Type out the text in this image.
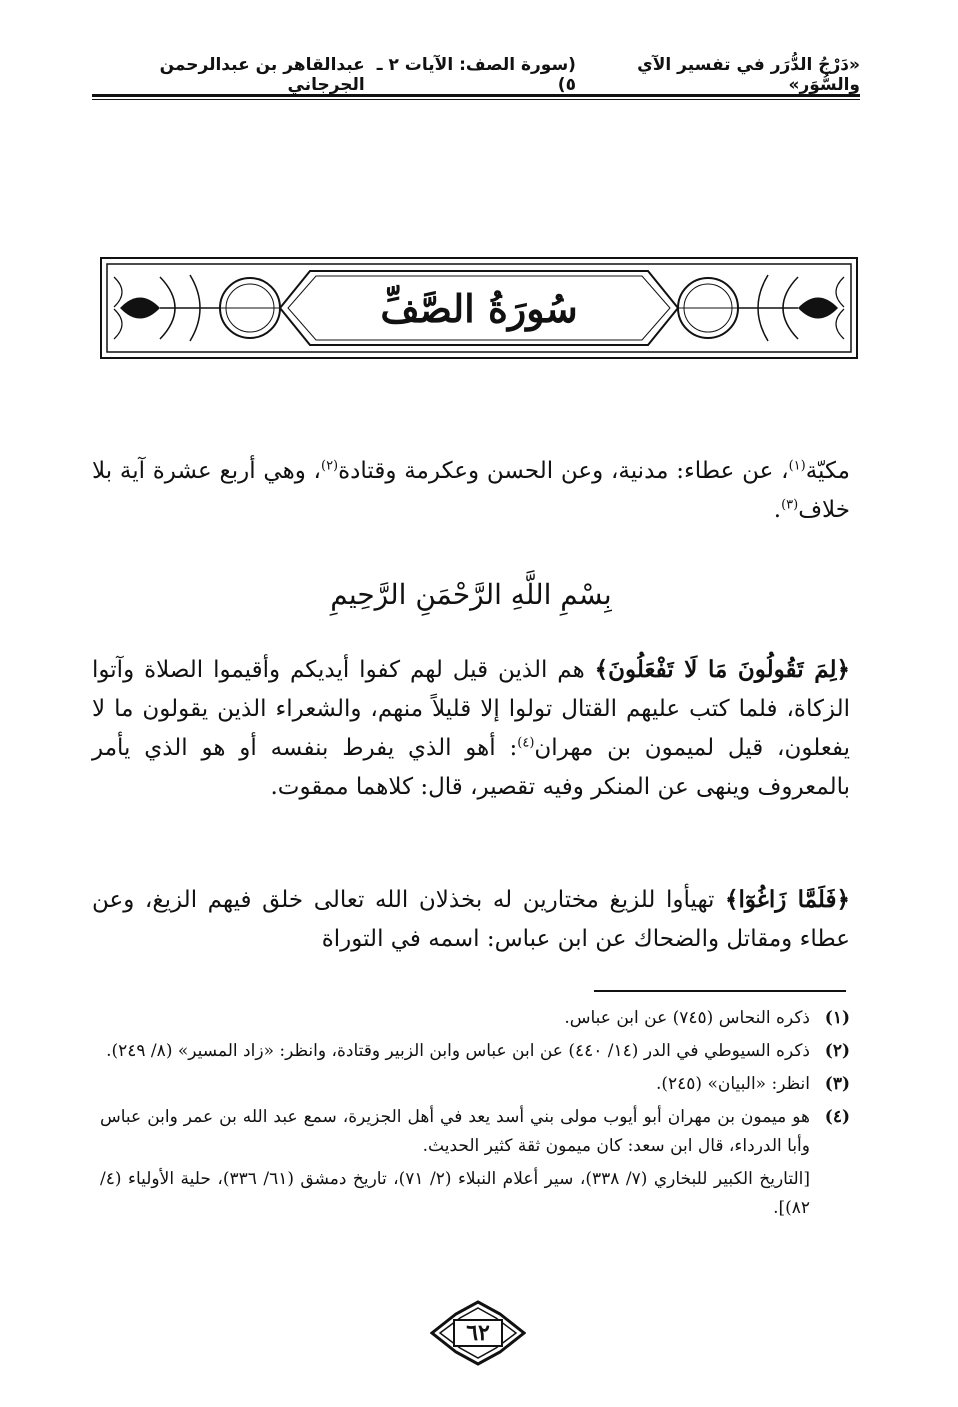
«دَرْجُ الدُّرَر في تفسير الآي والسُّوَر»
(سورة الصف: الآيات ٢ ـ ٥)
عبدالقاهر بن عبدالرحمن الجرجاني
سُورَةُ الصَّفِّ
مكيّة$^{(١)}$، عن عطاء: مدنية، وعن الحسن وعكرمة وقتادة$^{(٢)}$، وهي أربع عشرة آية بلا خلاف$^{(٣)}$.
بِسْمِ اللَّهِ الرَّحْمَنِ الرَّحِيمِ
﴿لِمَ تَقُولُونَ مَا لَا تَفْعَلُونَ﴾ هم الذين قيل لهم كفوا أيديكم وأقيموا الصلاة وآتوا الزكاة، فلما كتب عليهم القتال تولوا إلا قليلاً منهم، والشعراء الذين يقولون ما لا يفعلون، قيل لميمون بن مهران$^{(٤)}$: أهو الذي يفرط بنفسه أو هو الذي يأمر بالمعروف وينهى عن المنكر وفيه تقصير، قال: كلاهما ممقوت.
﴿فَلَمَّا زَاغُوٓا﴾ تهيأوا للزيغ مختارين له بخذلان الله تعالى خلق فيهم الزيغ، وعن عطاء ومقاتل والضحاك عن ابن عباس: اسمه في التوراة
(١)
ذكره النحاس (٧٤٥) عن ابن عباس.
(٢)
ذكره السيوطي في الدر (١٤/ ٤٤٠) عن ابن عباس وابن الزبير وقتادة، وانظر: «زاد المسير» (٨/ ٢٤٩).
(٣)
انظر: «البيان» (٢٤٥).
(٤)
هو ميمون بن مهران أبو أيوب مولى بني أسد يعد في أهل الجزيرة، سمع عبد الله بن عمر وابن عباس وأبا الدرداء، قال ابن سعد: كان ميمون ثقة كثير الحديث.
[التاريخ الكبير للبخاري (٧/ ٣٣٨)، سير أعلام النبلاء (٢/ ٧١)، تاريخ دمشق (٦١/ ٣٣٦)، حلية الأولياء (٤/ ٨٢)].
٦٢
